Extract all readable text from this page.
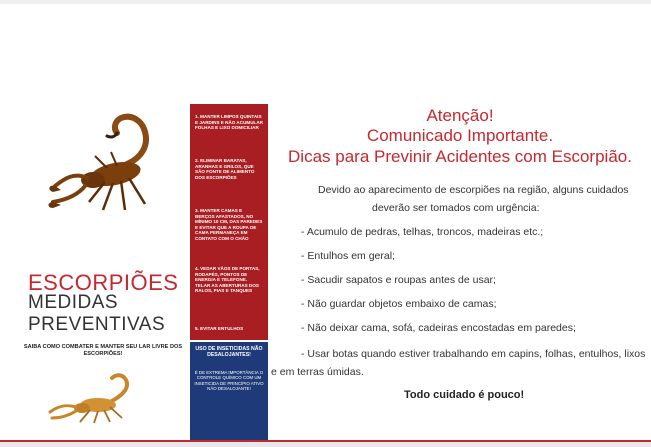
ESCORPIÕES
MEDIDAS
PREVENTIVAS
SAIBA COMO COMBATER E MANTER SEU LAR LIVRE DOS ESCORPIÕES!
1. MANTER LIMPOS QUINTAIS E JARDINS E NÃO ACUMULAR FOLHAS E LIXO DOMICILIAR
2. ELIMINAR BARATAS, ARANHAS E GRILOS, QUE SÃO FONTE DE ALIMENTO DOS ESCORPIÕES
3. MANTER CAMAS E BERÇOS AFASTADOS, NO MÍNIMO 10 CM, DAS PAREDES E EVITAR QUE A ROUPA DE CAMA PERMANEÇA EM CONTATO COM O CHÃO
4. VEDAR VÃOS DE PORTAS, RODAPÉS, PONTOS DE ENERGIA E TELEFONE. TELAR AS ABERTURAS DOS RALOS, PIAS E TANQUES
5. EVITAR ENTULHOS
USO DE INSETICIDAS NÃO DESALOJANTES!
É DE EXTREMA IMPORTÂNCIA O CONTROLE QUÍMICO COM UM INSETICIDA DE PRINCÍPIO ATIVO NÃO DESALOJANTE!
Atenção!
Comunicado Importante.
Dicas para Previnir Acidentes com Escorpião.
Devido ao aparecimento de escorpiões na região, alguns cuidados
deverão ser tomados com urgência:
- Acumulo de pedras, telhas, troncos, madeiras etc.;
- Entulhos em geral;
- Sacudir sapatos e roupas antes de usar;
- Não guardar objetos embaixo de camas;
- Não deixar cama, sofá, cadeiras encostadas em paredes;
- Usar botas quando estiver trabalhando em capins, folhas, entulhos, lixos
e em terras úmidas.
Todo cuidado é pouco!
